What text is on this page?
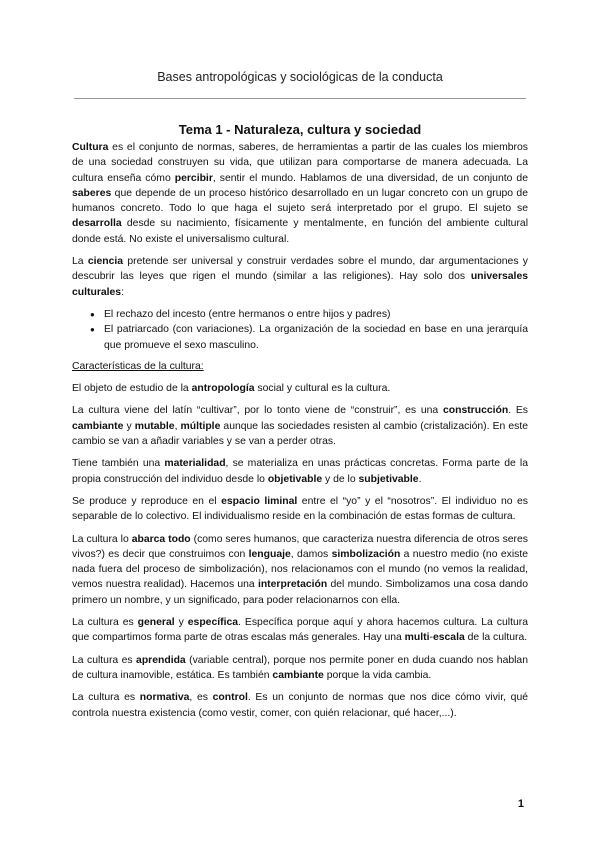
Bases antropológicas y sociológicas de la conducta
Tema 1 - Naturaleza, cultura y sociedad

Cultura es el conjunto de normas, saberes, de herramientas a partir de las cuales los miembros de una sociedad construyen su vida, que utilizan para comportarse de manera adecuada. La cultura enseña cómo percibir, sentir el mundo. Hablamos de una diversidad, de un conjunto de saberes que depende de un proceso histórico desarrollado en un lugar concreto con un grupo de humanos concreto. Todo lo que haga el sujeto será interpretado por el grupo. El sujeto se desarrolla desde su nacimiento, físicamente y mentalmente, en función del ambiente cultural donde está. No existe el universalismo cultural.

La ciencia pretende ser universal y construir verdades sobre el mundo, dar argumentaciones y descubrir las leyes que rigen el mundo (similar a las religiones). Hay solo dos universales culturales:

● El rechazo del incesto (entre hermanos o entre hijos y padres)
● El patriarcado (con variaciones). La organización de la sociedad en base en una jerarquía que promueve el sexo masculino.

Características de la cultura:

El objeto de estudio de la antropología social y cultural es la cultura.

La cultura viene del latín “cultivar”, por lo tonto viene de “construir”, es una construcción. Es cambiante y mutable, múltiple aunque las sociedades resisten al cambio (cristalización). En este cambio se van a añadir variables y se van a perder otras.

Tiene también una materialidad, se materializa en unas prácticas concretas. Forma parte de la propia construcción del individuo desde lo objetivable y de lo subjetivable.

Se produce y reproduce en el espacio liminal entre el “yo” y el “nosotros”. El individuo no es separable de lo colectivo. El individualismo reside en la combinación de estas formas de cultura.

La cultura lo abarca todo (como seres humanos, que caracteriza nuestra diferencia de otros seres vivos?) es decir que construimos con lenguaje, damos simbolización a nuestro medio (no existe nada fuera del proceso de simbolización), nos relacionamos con el mundo (no vemos la realidad, vemos nuestra realidad). Hacemos una interpretación del mundo. Simbolizamos una cosa dando primero un nombre, y un significado, para poder relacionarnos con ella.

La cultura es general y específica. Específica porque aquí y ahora hacemos cultura. La cultura que compartimos forma parte de otras escalas más generales. Hay una multi-escala de la cultura.

La cultura es aprendida (variable central), porque nos permite poner en duda cuando nos hablan de cultura inamovible, estática. Es también cambiante porque la vida cambia.

La cultura es normativa, es control. Es un conjunto de normas que nos dice cómo vivir, qué controla nuestra existencia (como vestir, comer, con quién relacionar, qué hacer,...).

1
